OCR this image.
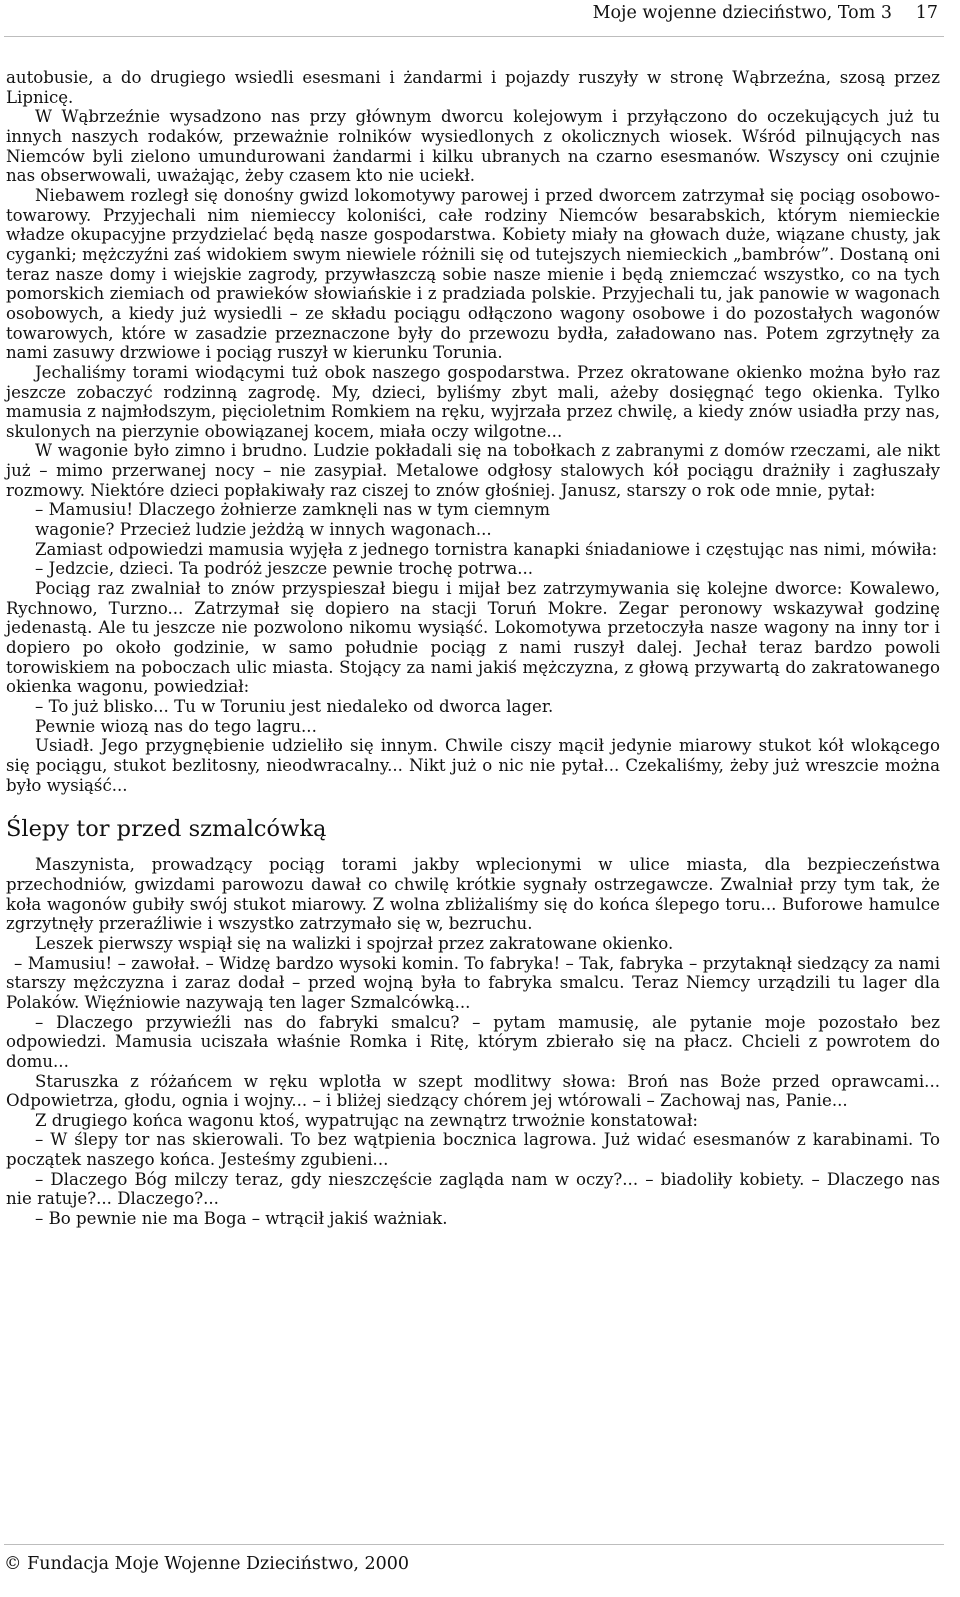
Moje wojenne dzieciństwo, Tom 3 17

autobusie, a do drugiego wsiedli esesmani i żandarmi i pojazdy ruszyły w stronę Wąbrzeźna, szosą przez Lipnicę.

W Wąbrzeźnie wysadzono nas przy głównym dworcu kolejowym i przyłączono do oczekujących już tu innych naszych rodaków, przeważnie rolników wysiedlonych z okolicznych wiosek. Wśród pilnujących nas Niemców byli zielono umundurowani żandarmi i kilku ubranych na czarno esesmanów. Wszyscy oni czujnie nas obserwowali, uważając, żeby czasem kto nie uciekł.

Niebawem rozległ się donośny gwizd lokomotywy parowej i przed dworcem zatrzymał się pociąg osobowo-towarowy. Przyjechali nim niemieccy koloniści, całe rodziny Niemców besarabskich, którym niemieckie władze okupacyjne przydzielać będą nasze gospodarstwa. Kobiety miały na głowach duże, wiązane chusty, jak cyganki; mężczyźni zaś widokiem swym niewiele różnili się od tutejszych niemieckich „bambrów”. Dostaną oni teraz nasze domy i wiejskie zagrody, przywłaszczą sobie nasze mienie i będą zniemczać wszystko, co na tych pomorskich ziemiach od prawieków słowiańskie i z pradziada polskie. Przyjechali tu, jak panowie w wagonach osobowych, a kiedy już wysiedli – ze składu pociągu odłączono wagony osobowe i do pozostałych wagonów towarowych, które w zasadzie przeznaczone były do przewozu bydła, załadowano nas. Potem zgrzytnęły za nami zasuwy drzwiowe i pociąg ruszył w kierunku Torunia.

Jechaliśmy torami wiodącymi tuż obok naszego gospodarstwa. Przez okratowane okienko można było raz jeszcze zobaczyć rodzinną zagrodę. My, dzieci, byliśmy zbyt mali, ażeby dosięgnąć tego okienka. Tylko mamusia z najmłodszym, pięcioletnim Romkiem na ręku, wyjrzała przez chwilę, a kiedy znów usiadła przy nas, skulonych na pierzynie obowiązanej kocem, miała oczy wilgotne...

W wagonie było zimno i brudno. Ludzie pokładali się na tobołkach z zabranymi z domów rzeczami, ale nikt już – mimo przerwanej nocy – nie zasypiał. Metalowe odgłosy stalowych kół pociągu drażniły i zagłuszały rozmowy. Niektóre dzieci popłakiwały raz ciszej to znów głośniej. Janusz, starszy o rok ode mnie, pytał:

– Mamusiu! Dlaczego żołnierze zamknęli nas w tym ciemnym

wagonie? Przecież ludzie jeżdżą w innych wagonach...

Zamiast odpowiedzi mamusia wyjęła z jednego tornistra kanapki śniadaniowe i częstując nas nimi, mówiła:

– Jedzcie, dzieci. Ta podróż jeszcze pewnie trochę potrwa...

Pociąg raz zwalniał to znów przyspieszał biegu i mijał bez zatrzymywania się kolejne dworce: Kowalewo, Rychnowo, Turzno... Zatrzymał się dopiero na stacji Toruń Mokre. Zegar peronowy wskazywał godzinę jedenastą. Ale tu jeszcze nie pozwolono nikomu wysiąść. Lokomotywa przetoczyła nasze wagony na inny tor i dopiero po około godzinie, w samo południe pociąg z nami ruszył dalej. Jechał teraz bardzo powoli torowiskiem na poboczach ulic miasta. Stojący za nami jakiś mężczyzna, z głową przywartą do zakratowanego okienka wagonu, powiedział:

– To już blisko... Tu w Toruniu jest niedaleko od dworca lager.

Pewnie wiozą nas do tego lagru...

Usiadł. Jego przygnębienie udzieliło się innym. Chwile ciszy mącił jedynie miarowy stukot kół wlokącego się pociągu, stukot bezlitosny, nieodwracalny... Nikt już o nic nie pytał... Czekaliśmy, żeby już wreszcie można było wysiąść...

Ślepy tor przed szmalcówką

Maszynista, prowadzący pociąg torami jakby wplecionymi w ulice miasta, dla bezpieczeństwa przechodniów, gwizdami parowozu dawał co chwilę krótkie sygnały ostrzegawcze. Zwalniał przy tym tak, że koła wagonów gubiły swój stukot miarowy. Z wolna zbliżaliśmy się do końca ślepego toru... Buforowe hamulce zgrzytnęły przeraźliwie i wszystko zatrzymało się w, bezruchu.

Leszek pierwszy wspiął się na walizki i spojrzał przez zakratowane okienko.

– Mamusiu! – zawołał. – Widzę bardzo wysoki komin. To fabryka! – Tak, fabryka – przytaknął siedzący za nami starszy mężczyzna i zaraz dodał – przed wojną była to fabryka smalcu. Teraz Niemcy urządzili tu lager dla Polaków. Więźniowie nazywają ten lager Szmalcówką...

– Dlaczego przywieźli nas do fabryki smalcu? – pytam mamusię, ale pytanie moje pozostało bez odpowiedzi. Mamusia uciszała właśnie Romka i Ritę, którym zbierało się na płacz. Chcieli z powrotem do domu...

Staruszka z różańcem w ręku wplotła w szept modlitwy słowa: Broń nas Boże przed oprawcami... Odpowietrza, głodu, ognia i wojny... – i bliżej siedzący chórem jej wtórowali – Zachowaj nas, Panie...

Z drugiego końca wagonu ktoś, wypatrując na zewnątrz trwożnie konstatował:

– W ślepy tor nas skierowali. To bez wątpienia bocznica lagrowa. Już widać esesmanów z karabinami. To początek naszego końca. Jesteśmy zgubieni...

– Dlaczego Bóg milczy teraz, gdy nieszczęście zagląda nam w oczy?... – biadoliły kobiety. – Dlaczego nas nie ratuje?... Dlaczego?...

– Bo pewnie nie ma Boga – wtrącił jakiś ważniak.

© Fundacja Moje Wojenne Dzieciństwo, 2000
